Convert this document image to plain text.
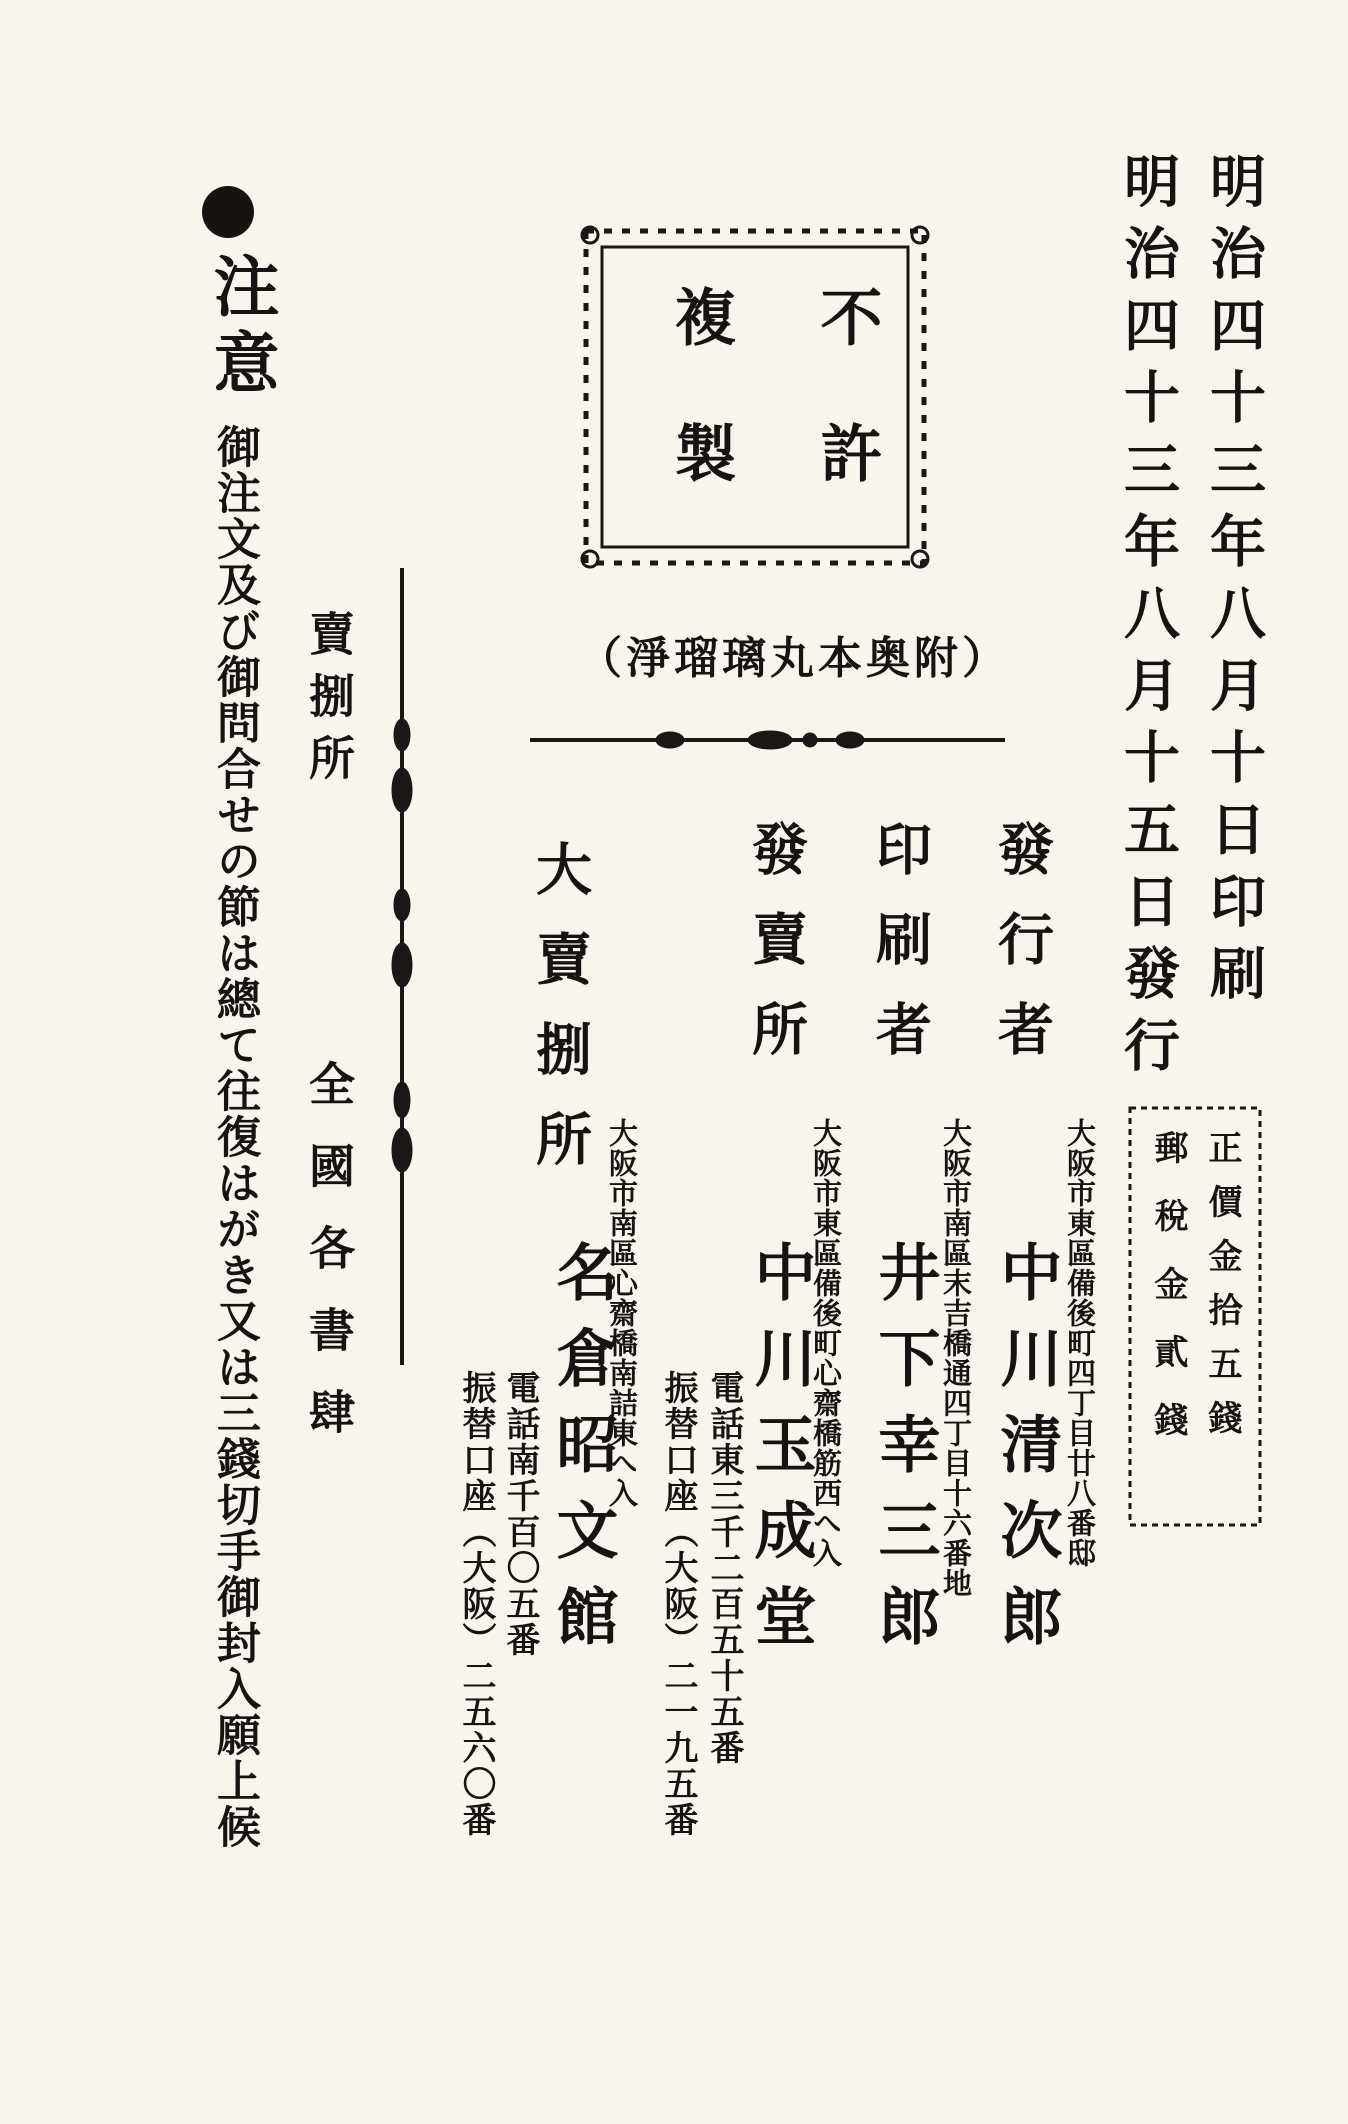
明治四十三年八月十日印刷
明治四十三年八月十五日發行
不許
複製
（淨瑠璃丸本奥附）
發行者
大阪市東區備後町四丁目廿八番邸
中川清次郎
印刷者
大阪市南區末吉橋通四丁目十六番地
井下幸三郎
發賣所
大阪市東區備後町心齋橋筋西へ入
中川玉成堂
電話東三千二百五十五番
振替口座（大阪）二一九五番
大賣捌所
大阪市南區心齋橋南詰東へ入
名倉昭文館
電話南千百〇五番
振替口座（大阪）二五六〇番
正價金拾五錢
郵稅金貳錢
賣捌所
全國各書肆
注意
御注文及び御問合せの節は總て往復はがき又は三錢切手御封入願上候
